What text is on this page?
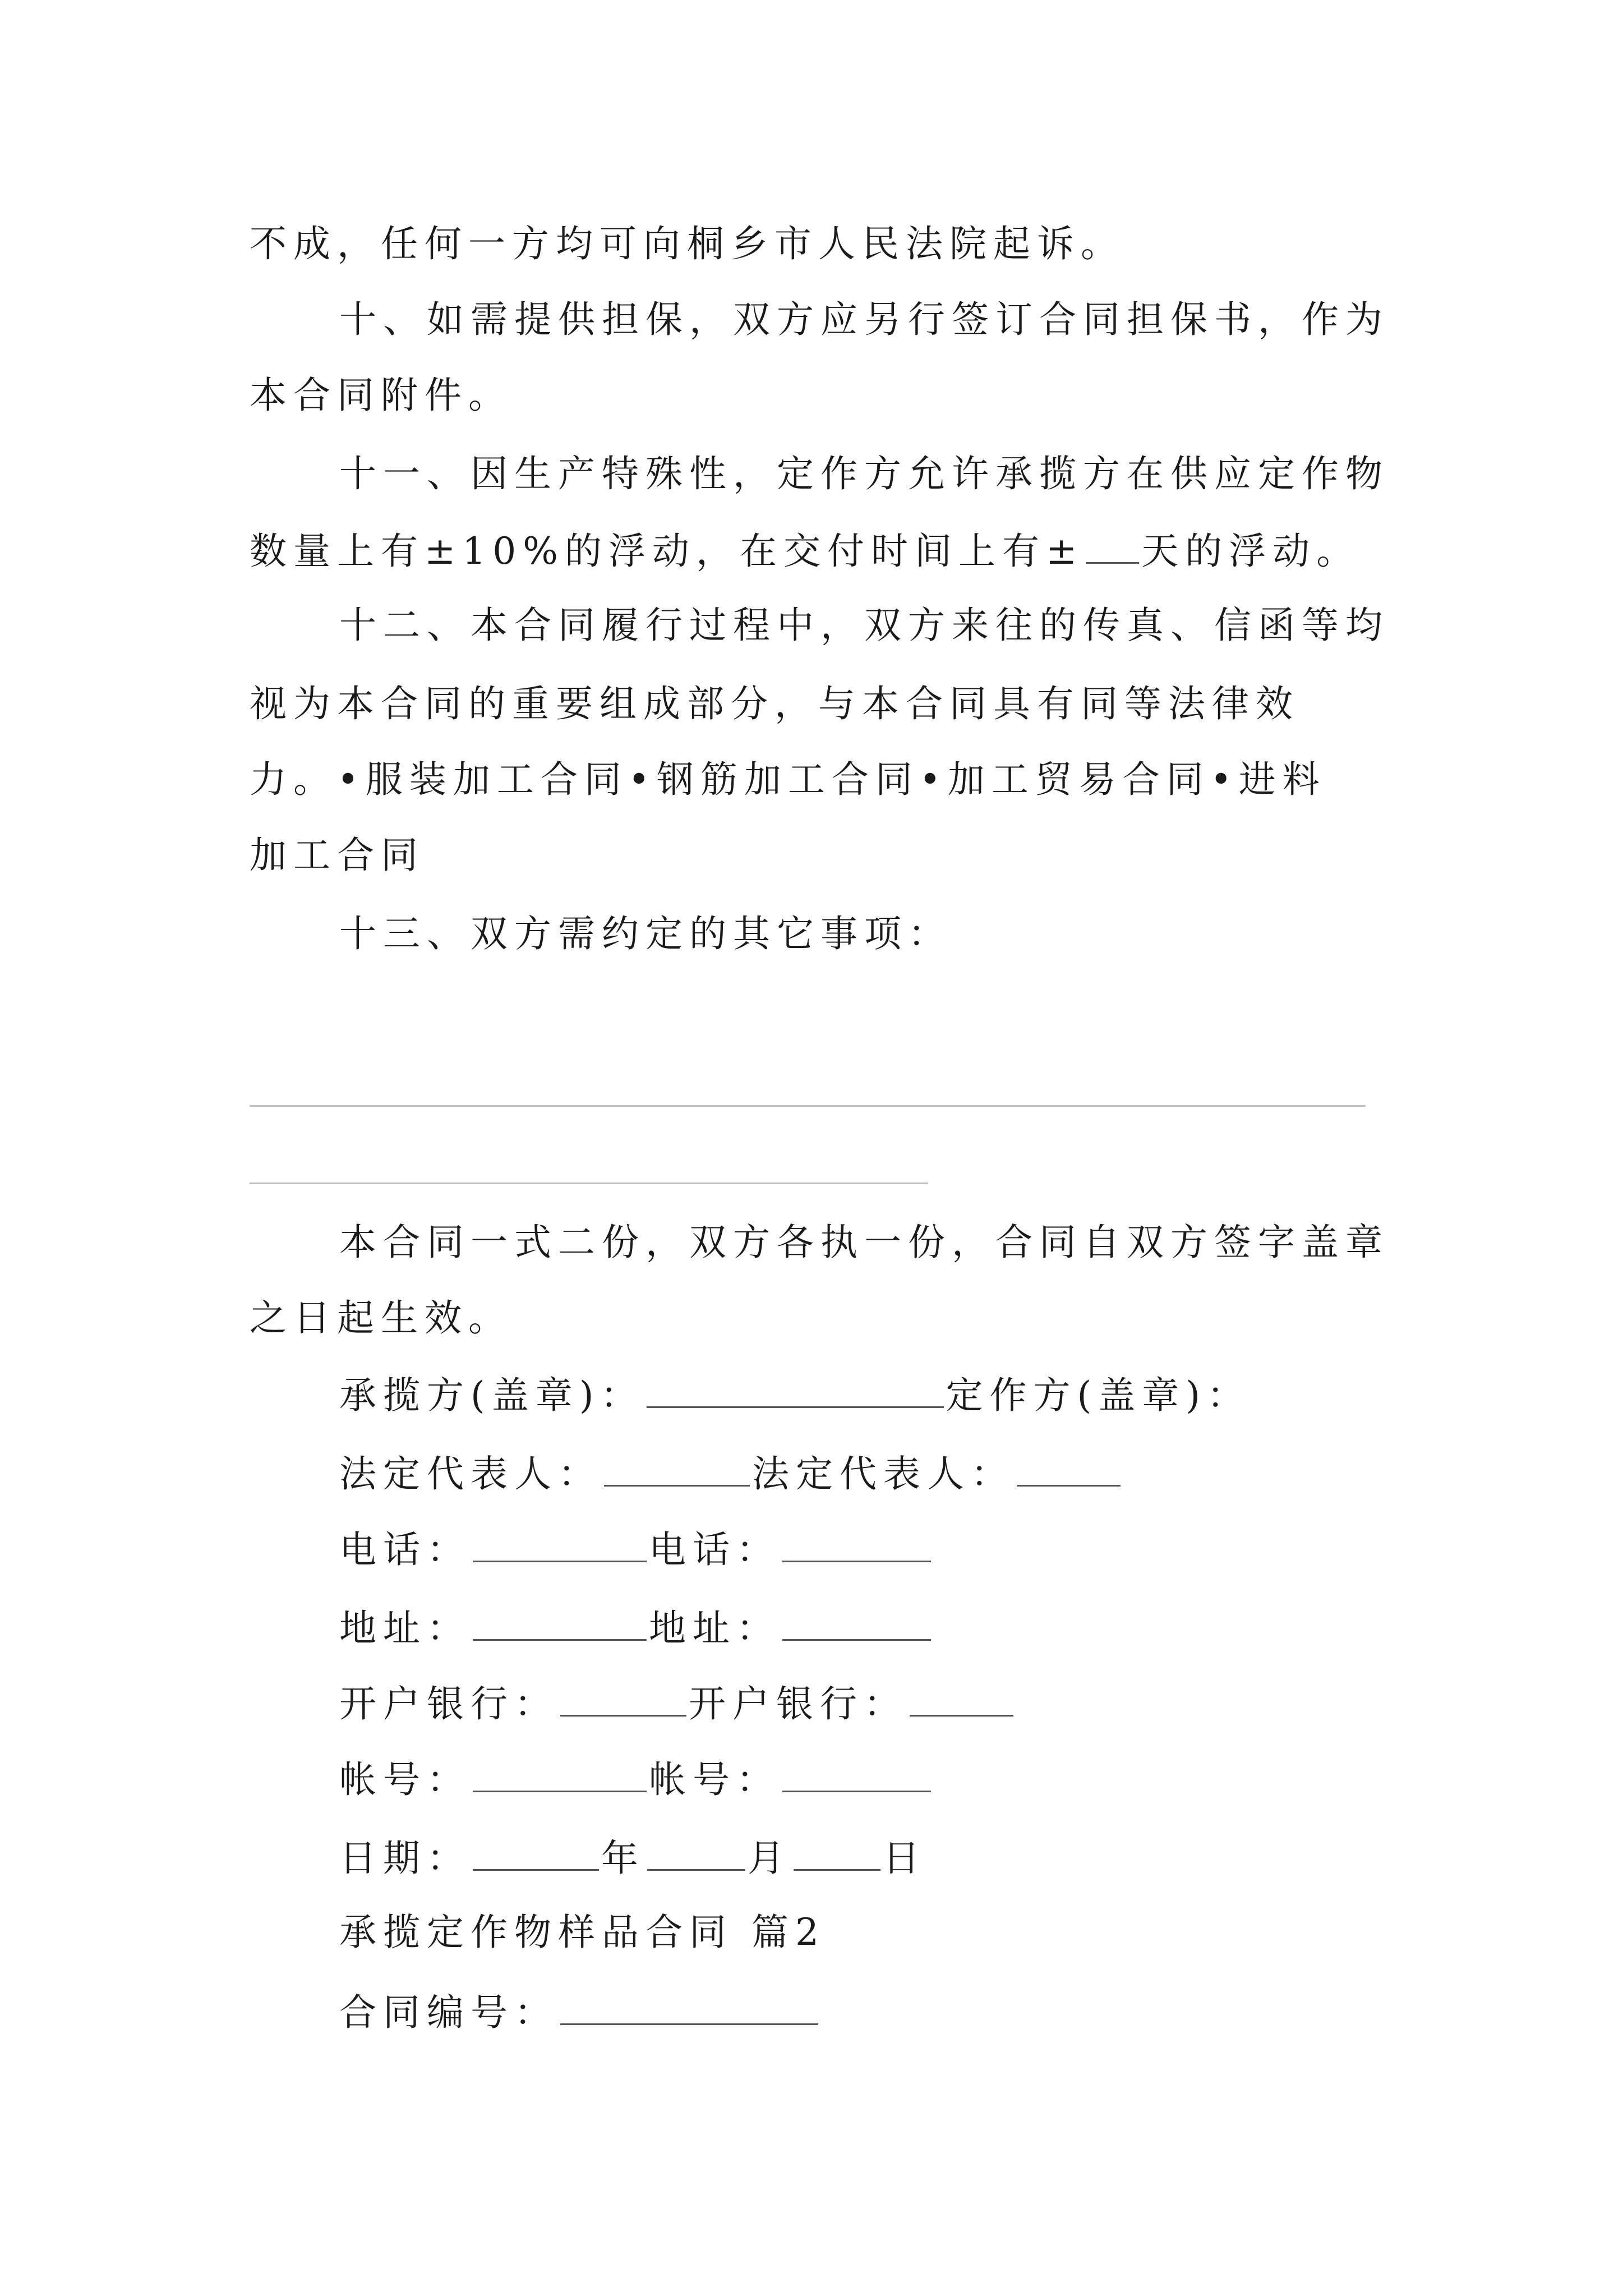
不成，任何一方均可向桐乡市人民法院起诉。
十、如需提供担保，双方应另行签订合同担保书，作为
本合同附件。
十一、因生产特殊性，定作方允许承揽方在供应定作物
数量上有±10%的浮动，在交付时间上有± 天的浮动。
十二、本合同履行过程中，双方来往的传真、信函等均
视为本合同的重要组成部分，与本合同具有同等法律效
力。•服装加工合同•钢筋加工合同•加工贸易合同•进料
加工合同
十三、双方需约定的其它事项：
本合同一式二份，双方各执一份，合同自双方签字盖章
之日起生效。
承揽方(盖章)：	定作方(盖章)：
法定代表人：	法定代表人：
电话：	电话：
地址：	地址：
开户银行：	开户银行：
帐号：	帐号：
日期：	年	月 日
承揽定作物样品合同 篇2
合同编号：
